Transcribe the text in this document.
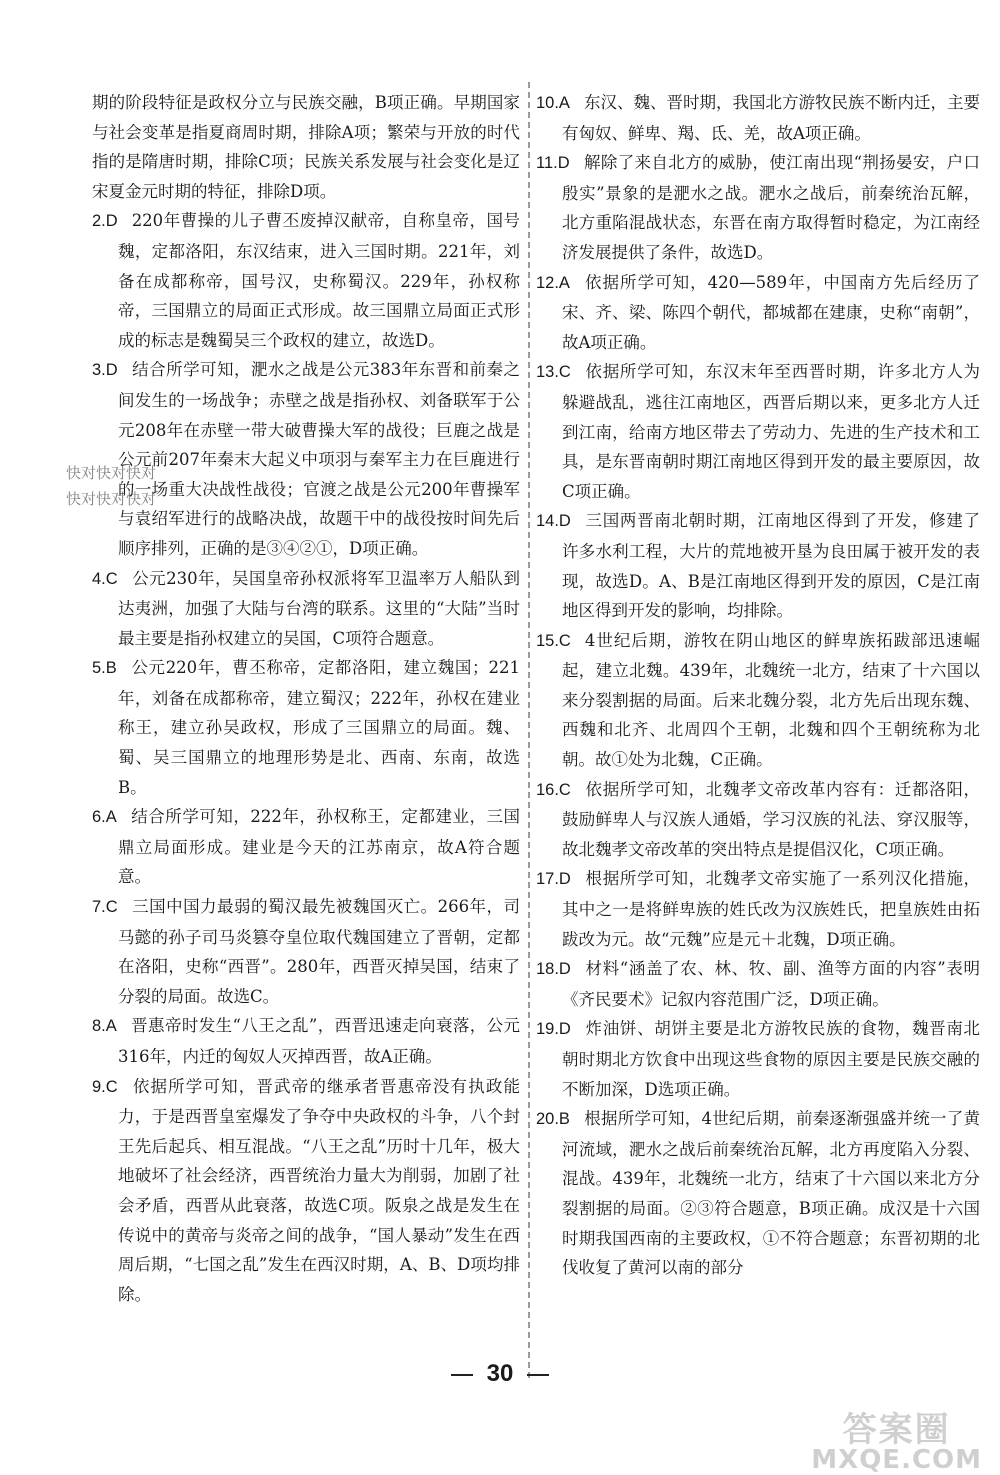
期的阶段特征是政权分立与民族交融，B项正确。早期国家与社会变革是指夏商周时期，排除A项；繁荣与开放的时代指的是隋唐时期，排除C项；民族关系发展与社会变化是辽宋夏金元时期的特征，排除D项。

2.D 220年曹操的儿子曹丕废掉汉献帝，自称皇帝，国号魏，定都洛阳，东汉结束，进入三国时期。221年，刘备在成都称帝，国号汉，史称蜀汉。229年，孙权称帝，三国鼎立的局面正式形成。故三国鼎立局面正式形成的标志是魏蜀吴三个政权的建立，故选D。

3.D 结合所学可知，淝水之战是公元383年东晋和前秦之间发生的一场战争；赤壁之战是指孙权、刘备联军于公元208年在赤壁一带大破曹操大军的战役；巨鹿之战是公元前207年秦末大起义中项羽与秦军主力在巨鹿进行的一场重大决战性战役；官渡之战是公元200年曹操军与袁绍军进行的战略决战，故题干中的战役按时间先后顺序排列，正确的是③④②①，D项正确。

4.C 公元230年，吴国皇帝孙权派将军卫温率万人船队到达夷洲，加强了大陆与台湾的联系。这里的“大陆”当时最主要是指孙权建立的吴国，C项符合题意。

5.B 公元220年，曹丕称帝，定都洛阳，建立魏国；221年，刘备在成都称帝，建立蜀汉；222年，孙权在建业称王，建立孙吴政权，形成了三国鼎立的局面。魏、蜀、吴三国鼎立的地理形势是北、西南、东南，故选B。

6.A 结合所学可知，222年，孙权称王，定都建业，三国鼎立局面形成。建业是今天的江苏南京，故A符合题意。

7.C 三国中国力最弱的蜀汉最先被魏国灭亡。266年，司马懿的孙子司马炎篡夺皇位取代魏国建立了晋朝，定都在洛阳，史称“西晋”。280年，西晋灭掉吴国，结束了分裂的局面。故选C。

8.A 晋惠帝时发生“八王之乱”，西晋迅速走向衰落，公元316年，内迁的匈奴人灭掉西晋，故A正确。

9.C 依据所学可知，晋武帝的继承者晋惠帝没有执政能力，于是西晋皇室爆发了争夺中央政权的斗争，八个封王先后起兵、相互混战。“八王之乱”历时十几年，极大地破坏了社会经济，西晋统治力量大为削弱，加剧了社会矛盾，西晋从此衰落，故选C项。阪泉之战是发生在传说中的黄帝与炎帝之间的战争，“国人暴动”发生在西周后期，“七国之乱”发生在西汉时期，A、B、D项均排除。

10.A 东汉、魏、晋时期，我国北方游牧民族不断内迁，主要有匈奴、鲜卑、羯、氐、羌，故A项正确。

11.D 解除了来自北方的威胁，使江南出现“荆扬晏安，户口殷实”景象的是淝水之战。淝水之战后，前秦统治瓦解，北方重陷混战状态，东晋在南方取得暂时稳定，为江南经济发展提供了条件，故选D。

12.A 依据所学可知，420—589年，中国南方先后经历了宋、齐、梁、陈四个朝代，都城都在建康，史称“南朝”，故A项正确。

13.C 依据所学可知，东汉末年至西晋时期，许多北方人为躲避战乱，逃往江南地区，西晋后期以来，更多北方人迁到江南，给南方地区带去了劳动力、先进的生产技术和工具，是东晋南朝时期江南地区得到开发的最主要原因，故C项正确。

14.D 三国两晋南北朝时期，江南地区得到了开发，修建了许多水利工程，大片的荒地被开垦为良田属于被开发的表现，故选D。A、B是江南地区得到开发的原因，C是江南地区得到开发的影响，均排除。

15.C 4世纪后期，游牧在阴山地区的鲜卑族拓跋部迅速崛起，建立北魏。439年，北魏统一北方，结束了十六国以来分裂割据的局面。后来北魏分裂，北方先后出现东魏、西魏和北齐、北周四个王朝，北魏和四个王朝统称为北朝。故①处为北魏，C正确。

16.C 依据所学可知，北魏孝文帝改革内容有：迁都洛阳，鼓励鲜卑人与汉族人通婚，学习汉族的礼法、穿汉服等，故北魏孝文帝改革的突出特点是提倡汉化，C项正确。

17.D 根据所学可知，北魏孝文帝实施了一系列汉化措施，其中之一是将鲜卑族的姓氏改为汉族姓氏，把皇族姓由拓跋改为元。故“元魏”应是元＋北魏，D项正确。

18.D 材料“涵盖了农、林、牧、副、渔等方面的内容”表明《齐民要术》记叙内容范围广泛，D项正确。

19.D 炸油饼、胡饼主要是北方游牧民族的食物，魏晋南北朝时期北方饮食中出现这些食物的原因主要是民族交融的不断加深，D选项正确。

20.B 根据所学可知，4世纪后期，前秦逐渐强盛并统一了黄河流域，淝水之战后前秦统治瓦解，北方再度陷入分裂、混战。439年，北魏统一北方，结束了十六国以来北方分裂割据的局面。②③符合题意，B项正确。成汉是十六国时期我国西南的主要政权，①不符合题意；东晋初期的北伐收复了黄河以南的部分

快对快对快对
快对快对快对
30
答案圈
MXQE.COM
